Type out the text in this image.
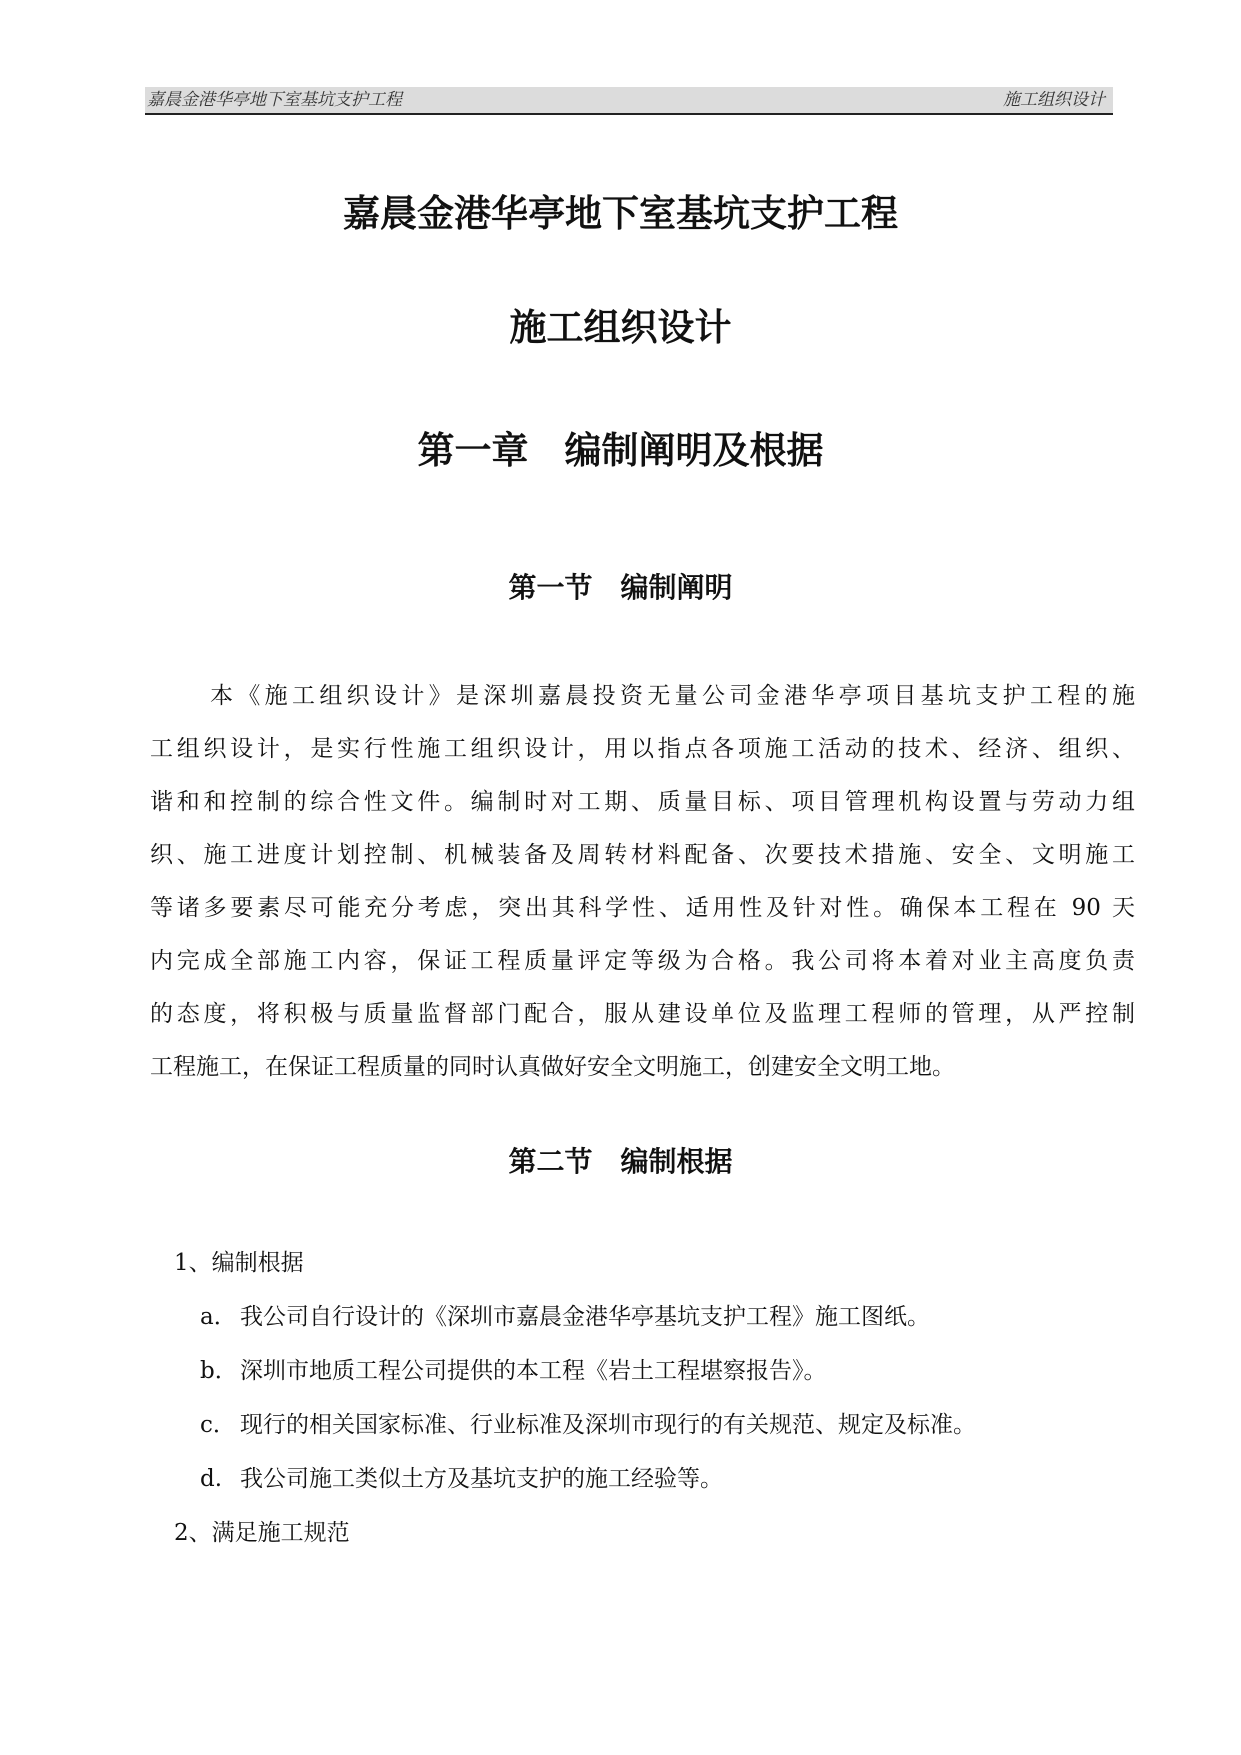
嘉晨金港华亭地下室基坑支护工程	施工组织设计
嘉晨金港华亭地下室基坑支护工程
施工组织设计
第一章 编制阐明及根据
第一节 编制阐明
本《施工组织设计》是深圳嘉晨投资无量公司金港华亭项目基坑支护工程的施
工组织设计，是实行性施工组织设计，用以指点各项施工活动的技术、经济、组织、
谐和和控制的综合性文件。编制时对工期、质量目标、项目管理机构设置与劳动力组
织、施工进度计划控制、机械装备及周转材料配备、次要技术措施、安全、文明施工
等诸多要素尽可能充分考虑，突出其科学性、适用性及针对性。确保本工程在 90 天
内完成全部施工内容，保证工程质量评定等级为合格。我公司将本着对业主高度负责
的态度，将积极与质量监督部门配合，服从建设单位及监理工程师的管理，从严控制
工程施工，在保证工程质量的同时认真做好安全文明施工，创建安全文明工地。
第二节 编制根据
1、编制根据
a． 我公司自行设计的《深圳市嘉晨金港华亭基坑支护工程》施工图纸。
b．深圳市地质工程公司提供的本工程《岩土工程堪察报告》。
c． 现行的相关国家标准、行业标准及深圳市现行的有关规范、规定及标准。
d. 我公司施工类似土方及基坑支护的施工经验等。
2、满足施工规范
